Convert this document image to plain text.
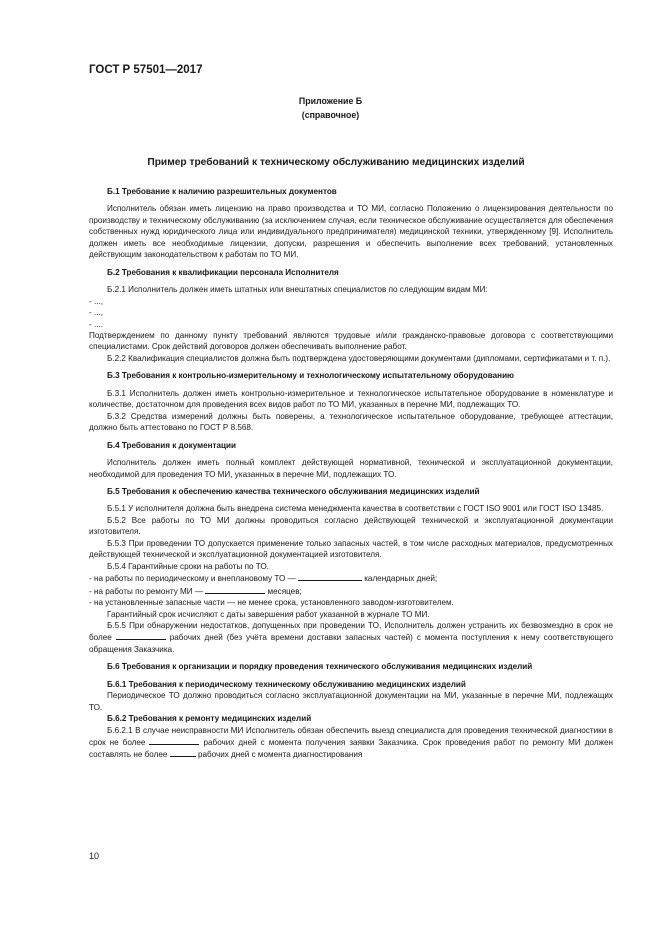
ГОСТ Р 57501—2017
Приложение Б
(справочное)
Пример требований к техническому обслуживанию медицинских изделий

Б.1 Требование к наличию разрешительных документов

Исполнитель обязан иметь лицензию на право производства и ТО МИ, согласно Положению о лицензирования деятельности по производству и техническому обслуживанию (за исключением случая, если техническое обслуживание осуществляется для обеспечения собственных нужд юридического лица или индивидуального предпринимателя) медицинской техники, утвержденному [9]. Исполнитель должен иметь все необходимые лицензии, допуски, разрешения и обеспечить выполнение всех требований, установленных действующим законодательством к работам по ТО МИ.

Б.2 Требования к квалификации персонала Исполнителя

Б.2.1 Исполнитель должен иметь штатных или внештатных специалистов по следующим видам МИ:

- ...,

- ...,

- ....

Подтверждением по данному пункту требований являются трудовые и/или гражданско-правовые договора с соответствующими специалистами. Срок действий договоров должен обеспечивать выполнение работ.

Б.2.2 Квалификация специалистов должна быть подтверждена удостоверяющими документами (дипломами, сертификатами и т. п.).

Б.3 Требования к контрольно-измерительному и технологическому испытательному оборудованию

Б.3.1 Исполнитель должен иметь контрольно-измерительное и технологическое испытательное оборудование в номенклатуре и количестве, достаточном для проведения всех видов работ по ТО МИ, указанных в перечне МИ, подлежащих ТО.

Б.3.2 Средства измерений должны быть поверены, а технологическое испытательное оборудование, требующее аттестации, должно быть аттестовано по ГОСТ Р 8.568.

Б.4 Требования к документации

Исполнитель должен иметь полный комплект действующей нормативной, технической и эксплуатационной документации, необходимой для проведения ТО МИ, указанных в перечне МИ, подлежащих ТО.

Б.5 Требования к обеспечению качества технического обслуживания медицинских изделий

Б.5.1 У исполнителя должна быть внедрена система менеджмента качества в соответствии с ГОСТ ISO 9001 или ГОСТ ISO 13485.

Б.5.2 Все работы по ТО МИ должны проводиться согласно действующей технической и эксплуатационной документации изготовителя.

Б.5.3 При проведении ТО допускается применение только запасных частей, в том числе расходных материалов, предусмотренных действующей технической и эксплуатационной документацией изготовителя.

Б.5.4 Гарантийные сроки на работы по ТО.

- на работы по периодическому и внеплановому ТО —	календарных дней;

- на работы по ремонту МИ —	месяцев;

- на установленные запасные части — не менее срока, установленного заводом-изготовителем.

Гарантийный срок исчисляют с даты завершения работ указанной в журнале ТО МИ.

Б.5.5 При обнаружении недостатков, допущенных при проведении ТО, Исполнитель должен устранить их безвозмездно в срок не более	рабочих дней (без учёта времени доставки запасных частей) с момента поступления к нему соответствующего обращения Заказчика.

Б.6 Требования к организации и порядку проведения технического обслуживания медицинских изделий

Б.6.1 Требования к периодическому техническому обслуживанию медицинских изделий

Периодическое ТО должно проводиться согласно эксплуатационной документации на МИ, указанные в перечне МИ, подлежащих ТО.

Б.6.2 Требования к ремонту медицинских изделий

Б.6.2.1 В случае неисправности МИ Исполнитель обязан обеспечить выезд специалиста для проведения технической диагностики в срок не более	рабочих дней с момента получения заявки Заказчика. Срок проведения работ по ремонту МИ должен составлять не более	рабочих дней с момента диагностирования

10
